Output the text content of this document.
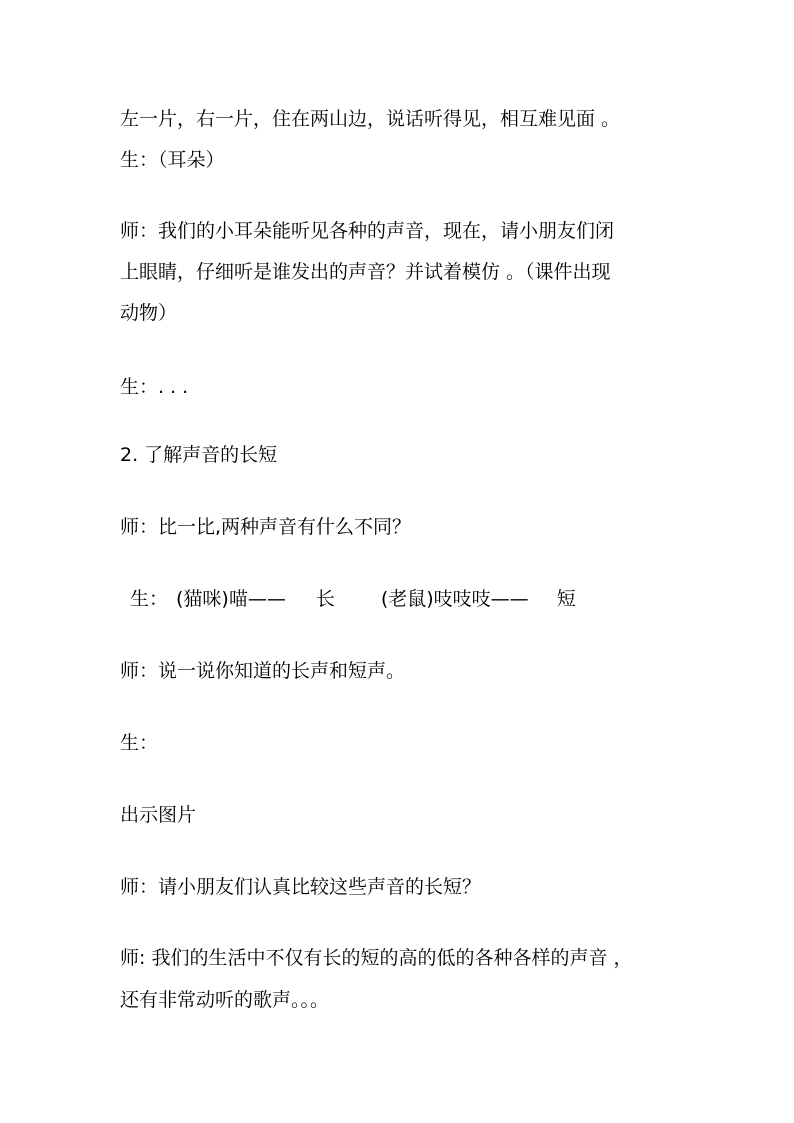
左一片，右一片，住在两山边，说话听得见，相互难见面 。
生：（耳朵）
师：我们的小耳朵能听见各种的声音，现在，请小朋友们闭
上眼睛，仔细听是谁发出的声音？并试着模仿 。（课件出现
动物）
生：. . .
2. 了解声音的长短
师：比一比,两种声音有什么不同？
生： (猫咪)喵—— 长 (老鼠)吱吱吱—— 短
师：说一说你知道的长声和短声。
生：
出示图片
师：请小朋友们认真比较这些声音的长短？
师: 我们的生活中不仅有长的短的高的低的各种各样的声音 ，
还有非常动听的歌声。。。
